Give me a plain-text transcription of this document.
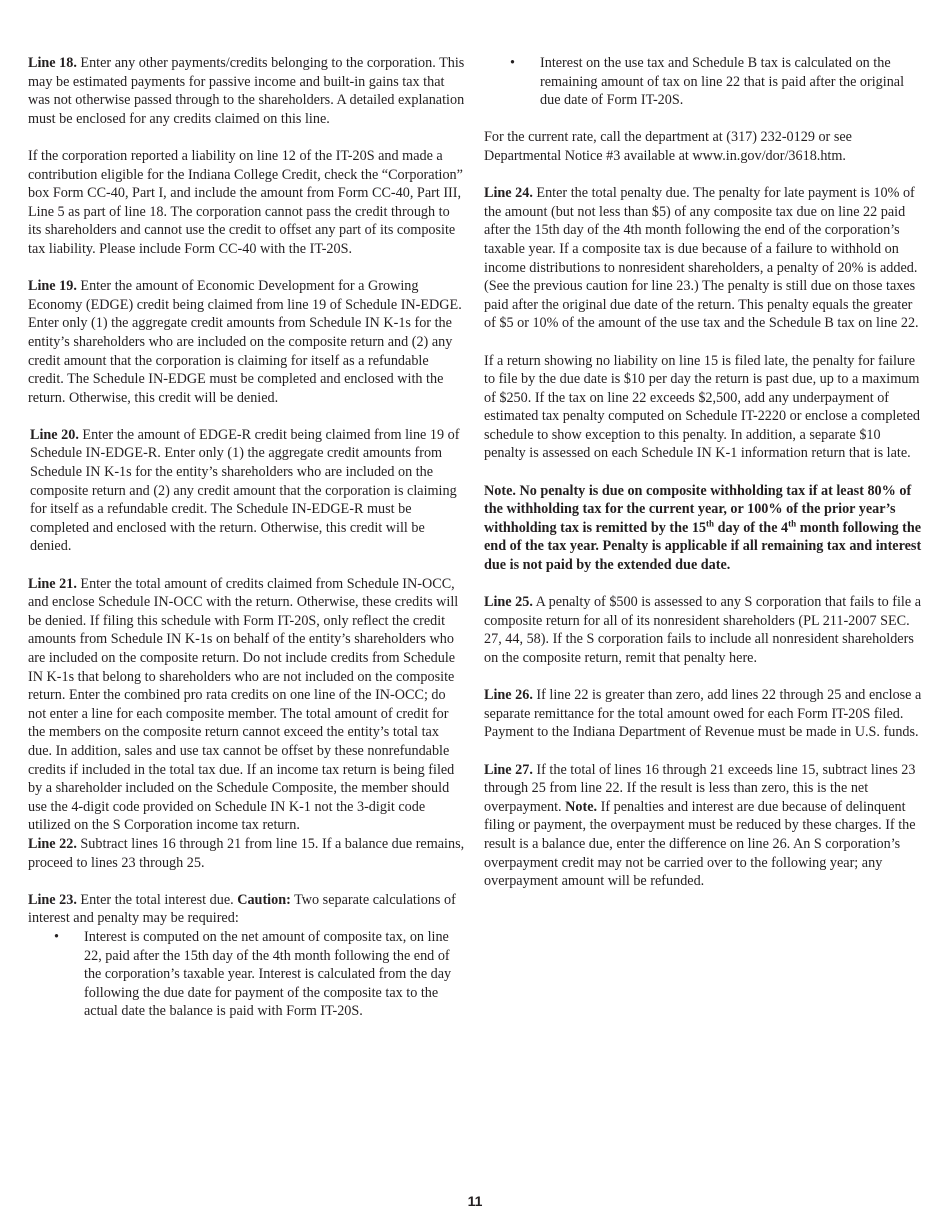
Line 18. Enter any other payments/credits belonging to the corporation. This may be estimated payments for passive income and built-in gains tax that was not otherwise passed through to the shareholders. A detailed explanation must be enclosed for any credits claimed on this line.

If the corporation reported a liability on line 12 of the IT-20S and made a contribution eligible for the Indiana College Credit, check the “Corporation” box Form CC-40, Part I, and include the amount from Form CC-40, Part III, Line 5 as part of line 18. The corporation cannot pass the credit through to its shareholders and cannot use the credit to offset any part of its composite tax liability. Please include Form CC-40 with the IT-20S.

Line 19. Enter the amount of Economic Development for a Growing Economy (EDGE) credit being claimed from line 19 of Schedule IN-EDGE. Enter only (1) the aggregate credit amounts from Schedule IN K-1s for the entity’s shareholders who are included on the composite return and (2) any credit amount that the corporation is claiming for itself as a refundable credit. The Schedule IN-EDGE must be completed and enclosed with the return. Otherwise, this credit will be denied.

Line 20. Enter the amount of EDGE-R credit being claimed from line 19 of Schedule IN-EDGE-R. Enter only (1) the aggregate credit amounts from Schedule IN K-1s for the entity’s shareholders who are included on the composite return and (2) any credit amount that the corporation is claiming for itself as a refundable credit. The Schedule IN-EDGE-R must be completed and enclosed with the return. Otherwise, this credit will be denied.

Line 21. Enter the total amount of credits claimed from Schedule IN-OCC, and enclose Schedule IN-OCC with the return. Otherwise, these credits will be denied. If filing this schedule with Form IT-20S, only reflect the credit amounts from Schedule IN K-1s on behalf of the entity’s shareholders who are included on the composite return. Do not include credits from Schedule IN K-1s that belong to shareholders who are not included on the composite return. Enter the combined pro rata credits on one line of the IN-OCC; do not enter a line for each composite member. The total amount of credit for the members on the composite return cannot exceed the entity’s total tax due. In addition, sales and use tax cannot be offset by these nonrefundable credits if included in the total tax due. If an income tax return is being filed by a shareholder included on the Schedule Composite, the member should use the 4-digit code provided on Schedule IN K-1 not the 3-digit code utilized on the S Corporation income tax return.

Line 22. Subtract lines 16 through 21 from line 15. If a balance due remains, proceed to lines 23 through 25.

Line 23. Enter the total interest due. Caution: Two separate calculations of interest and penalty may be required:

• Interest is computed on the net amount of composite tax, on line 22, paid after the 15th day of the 4th month following the end of the corporation’s taxable year. Interest is calculated from the day following the due date for payment of the composite tax to the actual date the balance is paid with Form IT-20S.
• Interest on the use tax and Schedule B tax is calculated on the remaining amount of tax on line 22 that is paid after the original due date of Form IT-20S.

For the current rate, call the department at (317) 232-0129 or see Departmental Notice #3 available at www.in.gov/dor/3618.htm.

Line 24. Enter the total penalty due. The penalty for late payment is 10% of the amount (but not less than $5) of any composite tax due on line 22 paid after the 15th day of the 4th month following the end of the corporation’s taxable year. If a composite tax is due because of a failure to withhold on income distributions to nonresident shareholders, a penalty of 20% is added. (See the previous caution for line 23.) The penalty is still due on those taxes paid after the original due date of the return. This penalty equals the greater of $5 or 10% of the amount of the use tax and the Schedule B tax on line 22.

If a return showing no liability on line 15 is filed late, the penalty for failure to file by the due date is $10 per day the return is past due, up to a maximum of $250. If the tax on line 22 exceeds $2,500, add any underpayment of estimated tax penalty computed on Schedule IT-2220 or enclose a completed schedule to show exception to this penalty. In addition, a separate $10 penalty is assessed on each Schedule IN K-1 information return that is late.

Note. No penalty is due on composite withholding tax if at least 80% of the withholding tax for the current year, or 100% of the prior year’s withholding tax is remitted by the 15th day of the 4th month following the end of the tax year. Penalty is applicable if all remaining tax and interest due is not paid by the extended due date.

Line 25. A penalty of $500 is assessed to any S corporation that fails to file a composite return for all of its nonresident shareholders (PL 211-2007 SEC. 27, 44, 58). If the S corporation fails to include all nonresident shareholders on the composite return, remit that penalty here.

Line 26. If line 22 is greater than zero, add lines 22 through 25 and enclose a separate remittance for the total amount owed for each Form IT-20S filed. Payment to the Indiana Department of Revenue must be made in U.S. funds.

Line 27. If the total of lines 16 through 21 exceeds line 15, subtract lines 23 through 25 from line 22. If the result is less than zero, this is the net overpayment. Note. If penalties and interest are due because of delinquent filing or payment, the overpayment must be reduced by these charges. If the result is a balance due, enter the difference on line 26. An S corporation’s overpayment credit may not be carried over to the following year; any overpayment amount will be refunded.

11
